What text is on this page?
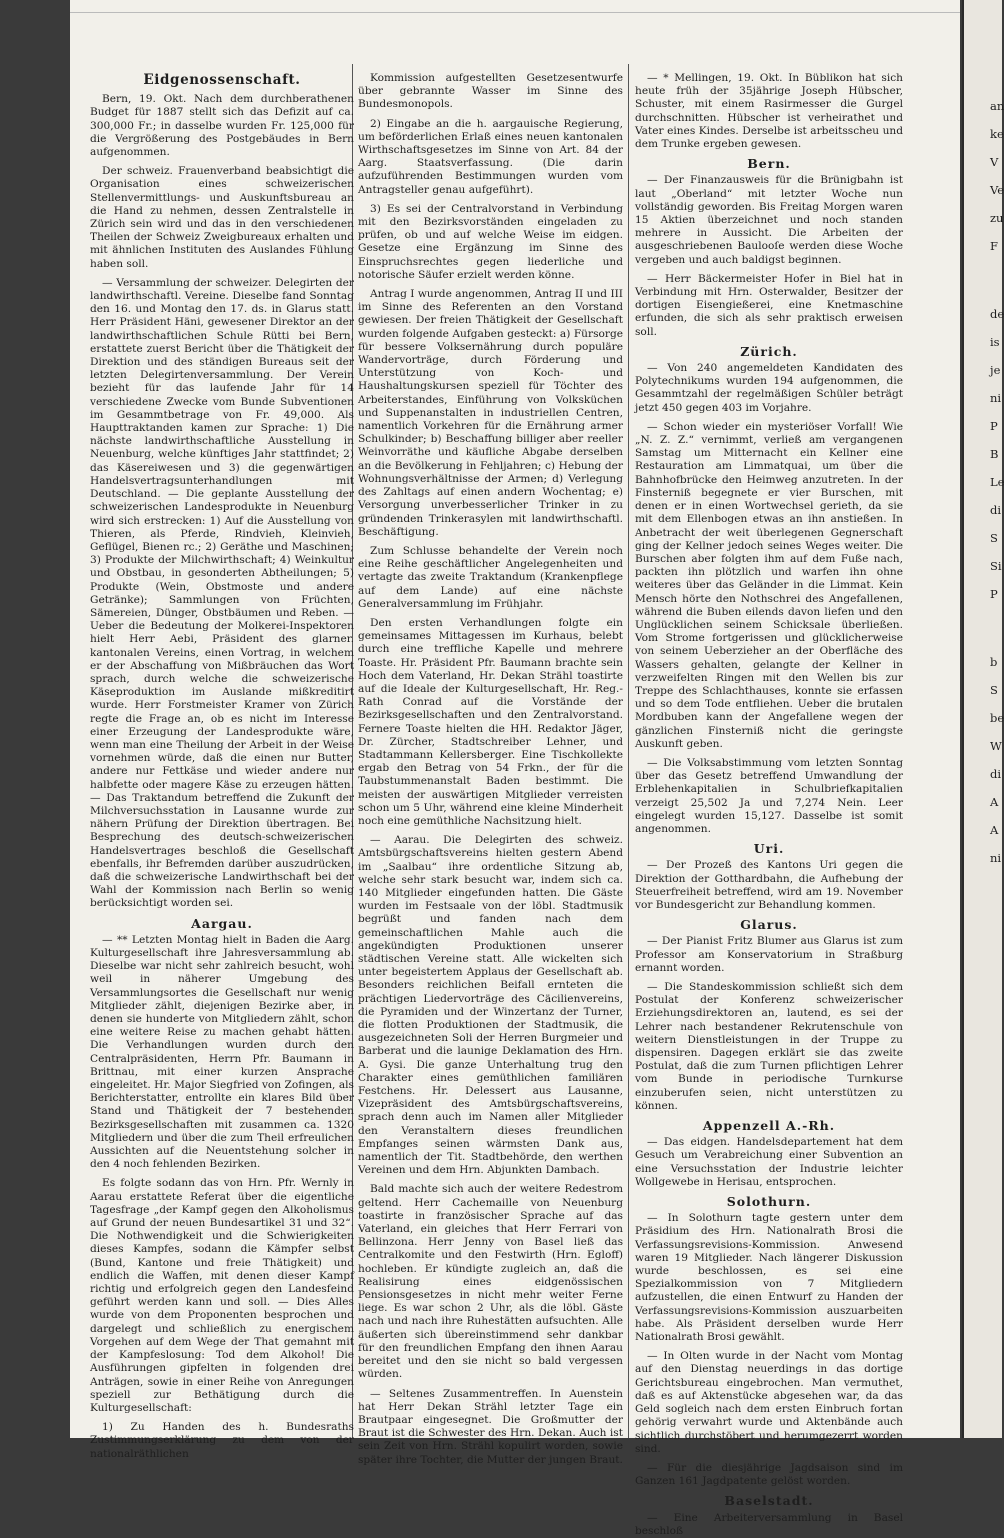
Eidgenossenschaft.

Bern, 19. Okt. Nach dem durchberathenen Budget für 1887 stellt sich das Defizit auf ca. 300,000 Fr.; in dasselbe wurden Fr. 125,000 für die Vergrößerung des Postgebäudes in Bern aufgenommen.

Der schweiz. Frauenverband beabsichtigt die Organisation eines schweizerischen Stellenvermittlungs- und Auskunftsbureau an die Hand zu nehmen, dessen Zentralstelle in Zürich sein wird und das in den verschiedenen Theilen der Schweiz Zweigbureaux erhalten und mit ähnlichen Instituten des Auslandes Fühlung haben soll.

— Versammlung der schweizer. Delegirten der landwirthschaftl. Vereine. Dieselbe fand Sonntag den 16. und Montag den 17. ds. in Glarus statt. Herr Präsident Häni, gewesener Direktor an der landwirthschaftlichen Schule Rütti bei Bern, erstattete zuerst Bericht über die Thätigkeit der Direktion und des ständigen Bureaus seit der letzten Delegirtenversammlung. Der Verein bezieht für das laufende Jahr für 14 verschiedene Zwecke vom Bunde Subventionen im Gesammtbetrage von Fr. 49,000. Als Haupttraktanden kamen zur Sprache: 1) Die nächste landwirthschaftliche Ausstellung in Neuenburg, welche künftiges Jahr stattfindet; 2) das Käsereiwesen und 3) die gegenwärtigen Handelsvertragsunterhandlungen mit Deutschland. — Die geplante Ausstellung der schweizerischen Landesprodukte in Neuenburg wird sich erstrecken: 1) Auf die Ausstellung von Thieren, als Pferde, Rindvieh, Kleinvieh, Geflügel, Bienen rc.; 2) Geräthe und Maschinen; 3) Produkte der Milchwirthschaft; 4) Weinkultur und Obstbau, in gesonderten Abtheilungen; 5) Produkte (Wein, Obstmoste und andere Getränke); Sammlungen von Früchten, Sämereien, Dünger, Obstbäumen und Reben. — Ueber die Bedeutung der Molkerei-Inspektoren hielt Herr Aebi, Präsident des glarner. kantonalen Vereins, einen Vortrag, in welchem er der Abschaffung von Mißbräuchen das Wort sprach, durch welche die schweizerische Käseproduktion im Auslande mißkreditirt wurde. Herr Forstmeister Kramer von Zürich regte die Frage an, ob es nicht im Interesse einer Erzeugung der Landesprodukte wäre, wenn man eine Theilung der Arbeit in der Weise vornehmen würde, daß die einen nur Butter, andere nur Fettkäse und wieder andere nur halbfette oder magere Käse zu erzeugen hätten. — Das Traktandum betreffend die Zukunft der Milchversuchsstation in Lausanne wurde zur nähern Prüfung der Direktion übertragen. Bei Besprechung des deutsch-schweizerischen Handelsvertrages beschloß die Gesellschaft ebenfalls, ihr Befremden darüber auszudrücken, daß die schweizerische Landwirthschaft bei der Wahl der Kommission nach Berlin so wenig berücksichtigt worden sei.

Aargau.

— ** Letzten Montag hielt in Baden die Aarg. Kulturgesellschaft ihre Jahresversammlung ab. Dieselbe war nicht sehr zahlreich besucht, wohl weil in näherer Umgebung des Versammlungsortes die Gesellschaft nur wenig Mitglieder zählt, diejenigen Bezirke aber, in denen sie hunderte von Mitgliedern zählt, schon eine weitere Reise zu machen gehabt hätten. Die Verhandlungen wurden durch den Centralpräsidenten, Herrn Pfr. Baumann in Brittnau, mit einer kurzen Ansprache eingeleitet. Hr. Major Siegfried von Zofingen, als Berichterstatter, entrollte ein klares Bild über Stand und Thätigkeit der 7 bestehenden Bezirksgesellschaften mit zusammen ca. 1320 Mitgliedern und über die zum Theil erfreulichen Aussichten auf die Neuentstehung solcher in den 4 noch fehlenden Bezirken.

Es folgte sodann das von Hrn. Pfr. Wernly in Aarau erstattete Referat über die eigentliche Tagesfrage „der Kampf gegen den Alkoholismus auf Grund der neuen Bundesartikel 31 und 32“. Die Nothwendigkeit und die Schwierigkeiten dieses Kampfes, sodann die Kämpfer selbst (Bund, Kantone und freie Thätigkeit) und endlich die Waffen, mit denen dieser Kampf richtig und erfolgreich gegen den Landesfeind geführt werden kann und soll. — Dies Alles wurde von dem Proponenten besprochen und dargelegt und schließlich zu energischem Vorgehen auf dem Wege der That gemahnt mit der Kampfeslosung: Tod dem Alkohol! Die Ausführungen gipfelten in folgenden drei Anträgen, sowie in einer Reihe von Anregungen speziell zur Bethätigung durch die Kulturgesellschaft:

1) Zu Handen des h. Bundesraths Zustimmungserklärung zu dem von der nationalräthlichen

Kommission aufgestellten Gesetzesentwurfe über gebrannte Wasser im Sinne des Bundesmonopols.

2) Eingabe an die h. aargauische Regierung, um beförderlichen Erlaß eines neuen kantonalen Wirthschaftsgesetzes im Sinne von Art. 84 der Aarg. Staatsverfassung. (Die darin aufzuführenden Bestimmungen wurden vom Antragsteller genau aufgeführt).

3) Es sei der Centralvorstand in Verbindung mit den Bezirksvorständen eingeladen zu prüfen, ob und auf welche Weise im eidgen. Gesetze eine Ergänzung im Sinne des Einspruchsrechtes gegen liederliche und notorische Säufer erzielt werden könne.

Antrag I wurde angenommen, Antrag II und III im Sinne des Referenten an den Vorstand gewiesen. Der freien Thätigkeit der Gesellschaft wurden folgende Aufgaben gesteckt: a) Fürsorge für bessere Volksernährung durch populäre Wandervorträge, durch Förderung und Unterstützung von Koch- und Haushaltungskursen speziell für Töchter des Arbeiterstandes, Einführung von Volksküchen und Suppenanstalten in industriellen Centren, namentlich Vorkehren für die Ernährung armer Schulkinder; b) Beschaffung billiger aber reeller Weinvorräthe und käufliche Abgabe derselben an die Bevölkerung in Fehljahren; c) Hebung der Wohnungsverhältnisse der Armen; d) Verlegung des Zahltags auf einen andern Wochentag; e) Versorgung unverbesserlicher Trinker in zu gründenden Trinkerasylen mit landwirthschaftl. Beschäftigung.

Zum Schlusse behandelte der Verein noch eine Reihe geschäftlicher Angelegenheiten und vertagte das zweite Traktandum (Krankenpflege auf dem Lande) auf eine nächste Generalversammlung im Frühjahr.

Den ersten Verhandlungen folgte ein gemeinsames Mittagessen im Kurhaus, belebt durch eine treffliche Kapelle und mehrere Toaste. Hr. Präsident Pfr. Baumann brachte sein Hoch dem Vaterland, Hr. Dekan Strähl toastirte auf die Ideale der Kulturgesellschaft, Hr. Reg.-Rath Conrad auf die Vorstände der Bezirksgesellschaften und den Zentralvorstand. Fernere Toaste hielten die HH. Redaktor Jäger, Dr. Zürcher, Stadtschreiber Lehner, und Stadtammann Kellersberger. Eine Tischkollekte ergab den Betrag von 54 Frkn., der für die Taubstummenanstalt Baden bestimmt. Die meisten der auswärtigen Mitglieder verreisten schon um 5 Uhr, während eine kleine Minderheit noch eine gemüthliche Nachsitzung hielt.

— Aarau. Die Delegirten des schweiz. Amtsbürgschaftsvereins hielten gestern Abend im „Saalbau“ ihre ordentliche Sitzung ab, welche sehr stark besucht war, indem sich ca. 140 Mitglieder eingefunden hatten. Die Gäste wurden im Festsaale von der löbl. Stadtmusik begrüßt und fanden nach dem gemeinschaftlichen Mahle auch die angekündigten Produktionen unserer städtischen Vereine statt. Alle wickelten sich unter begeistertem Applaus der Gesellschaft ab. Besonders reichlichen Beifall ernteten die prächtigen Liedervorträge des Cäcilienvereins, die Pyramiden und der Winzertanz der Turner, die flotten Produktionen der Stadtmusik, die ausgezeichneten Soli der Herren Burgmeier und Barberat und die launige Deklamation des Hrn. A. Gysi. Die ganze Unterhaltung trug den Charakter eines gemüthlichen familiären Festchens. Hr. Delessert aus Lausanne, Vizepräsident des Amtsbürgschaftsvereins, sprach denn auch im Namen aller Mitglieder den Veranstaltern dieses freundlichen Empfanges seinen wärmsten Dank aus, namentlich der Tit. Stadtbehörde, den werthen Vereinen und dem Hrn. Abjunkten Dambach.

Bald machte sich auch der weitere Redestrom geltend. Herr Cachemaille von Neuenburg toastirte in französischer Sprache auf das Vaterland, ein gleiches that Herr Ferrari von Bellinzona. Herr Jenny von Basel ließ das Centralkomite und den Festwirth (Hrn. Egloff) hochleben. Er kündigte zugleich an, daß die Realisirung eines eidgenössischen Pensionsgesetzes in nicht mehr weiter Ferne liege. Es war schon 2 Uhr, als die löbl. Gäste nach und nach ihre Ruhestätten aufsuchten. Alle äußerten sich übereinstimmend sehr dankbar für den freundlichen Empfang den ihnen Aarau bereitet und den sie nicht so bald vergessen würden.

— Seltenes Zusammentreffen. In Auenstein hat Herr Dekan Strähl letzter Tage ein Brautpaar eingesegnet. Die Großmutter der Braut ist die Schwester des Hrn. Dekan. Auch ist sein Zeit von Hrn. Strähl kopulirt worden, sowie später ihre Tochter, die Mutter der jungen Braut.

— * Mellingen, 19. Okt. In Büblikon hat sich heute früh der 35jährige Joseph Hübscher, Schuster, mit einem Rasirmesser die Gurgel durchschnitten. Hübscher ist verheirathet und Vater eines Kindes. Derselbe ist arbeitsscheu und dem Trunke ergeben gewesen.

Bern.

— Der Finanzausweis für die Brünigbahn ist laut „Oberland“ mit letzter Woche nun vollständig geworden. Bis Freitag Morgen waren 15 Aktien überzeichnet und noch standen mehrere in Aussicht. Die Arbeiten der ausgeschriebenen Baulooſe werden diese Woche vergeben und auch baldigst beginnen.

— Herr Bäckermeister Hofer in Biel hat in Verbindung mit Hrn. Osterwalder, Besitzer der dortigen Eisengießerei, eine Knetmaschine erfunden, die sich als sehr praktisch erweisen soll.

Zürich.

— Von 240 angemeldeten Kandidaten des Polytechnikums wurden 194 aufgenommen, die Gesammtzahl der regelmäßigen Schüler beträgt jetzt 450 gegen 403 im Vorjahre.

— Schon wieder ein mysteriöser Vorfall! Wie „N. Z. Z.“ vernimmt, verließ am vergangenen Samstag um Mitternacht ein Kellner eine Restauration am Limmatquai, um über die Bahnhofbrücke den Heimweg anzutreten. In der Finsterniß begegnete er vier Burschen, mit denen er in einen Wortwechsel gerieth, da sie mit dem Ellenbogen etwas an ihn anstießen. In Anbetracht der weit überlegenen Gegnerschaft ging der Kellner jedoch seines Weges weiter. Die Burschen aber folgten ihm auf dem Fuße nach, packten ihn plötzlich und warfen ihn ohne weiteres über das Geländer in die Limmat. Kein Mensch hörte den Nothschrei des Angefallenen, während die Buben eilends davon liefen und den Unglücklichen seinem Schicksale überließen. Vom Strome fortgerissen und glücklicherweise von seinem Ueberzieher an der Oberfläche des Wassers gehalten, gelangte der Kellner in verzweifelten Ringen mit den Wellen bis zur Treppe des Schlachthauses, konnte sie erfassen und so dem Tode entfliehen. Ueber die brutalen Mordbuben kann der Angefallene wegen der gänzlichen Finsterniß nicht die geringste Auskunft geben.

— Die Volksabstimmung vom letzten Sonntag über das Gesetz betreffend Umwandlung der Erblehenkapitalien in Schulbriefkapitalien verzeigt 25,502 Ja und 7,274 Nein. Leer eingelegt wurden 15,127. Dasselbe ist somit angenommen.

Uri.

— Der Prozeß des Kantons Uri gegen die Direktion der Gotthardbahn, die Aufhebung der Steuerfreiheit betreffend, wird am 19. November vor Bundesgericht zur Behandlung kommen.

Glarus.

— Der Pianist Fritz Blumer aus Glarus ist zum Professor am Konservatorium in Straßburg ernannt worden.

— Die Standeskommission schließt sich dem Postulat der Konferenz schweizerischer Erziehungsdirektoren an, lautend, es sei der Lehrer nach bestandener Rekrutenschule von weitern Dienstleistungen in der Truppe zu dispensiren. Dagegen erklärt sie das zweite Postulat, daß die zum Turnen pflichtigen Lehrer vom Bunde in periodische Turnkurse einzuberufen seien, nicht unterstützen zu können.

Appenzell A.-Rh.

— Das eidgen. Handelsdepartement hat dem Gesuch um Verabreichung einer Subvention an eine Versuchsstation der Industrie leichter Wollgewebe in Herisau, entsprochen.

Solothurn.

— In Solothurn tagte gestern unter dem Präsidium des Hrn. Nationalrath Brosi die Verfassungsrevisions-Kommission. Anwesend waren 19 Mitglieder. Nach längerer Diskussion wurde beschlossen, es sei eine Spezialkommission von 7 Mitgliedern aufzustellen, die einen Entwurf zu Handen der Verfassungsrevisions-Kommission auszuarbeiten habe. Als Präsident derselben wurde Herr Nationalrath Brosi gewählt.

— In Olten wurde in der Nacht vom Montag auf den Dienstag neuerdings in das dortige Gerichtsbureau eingebrochen. Man vermuthet, daß es auf Aktenstücke abgesehen war, da das Geld sogleich nach dem ersten Einbruch fortan gehörig verwahrt wurde und Aktenbände auch sichtlich durchstöbert und herumgezerrt worden sind.

— Für die diesjährige Jagdsaison sind im Ganzen 161 Jagdpatente gelöst worden.

Baselstadt.

— Eine Arbeiterversammlung in Basel beschloß

an
ke
V
Ve
zu
F
de
is
je
ni
P
B
Le
di
S
Si
P
b
S
be
W
di
A
A
ni
